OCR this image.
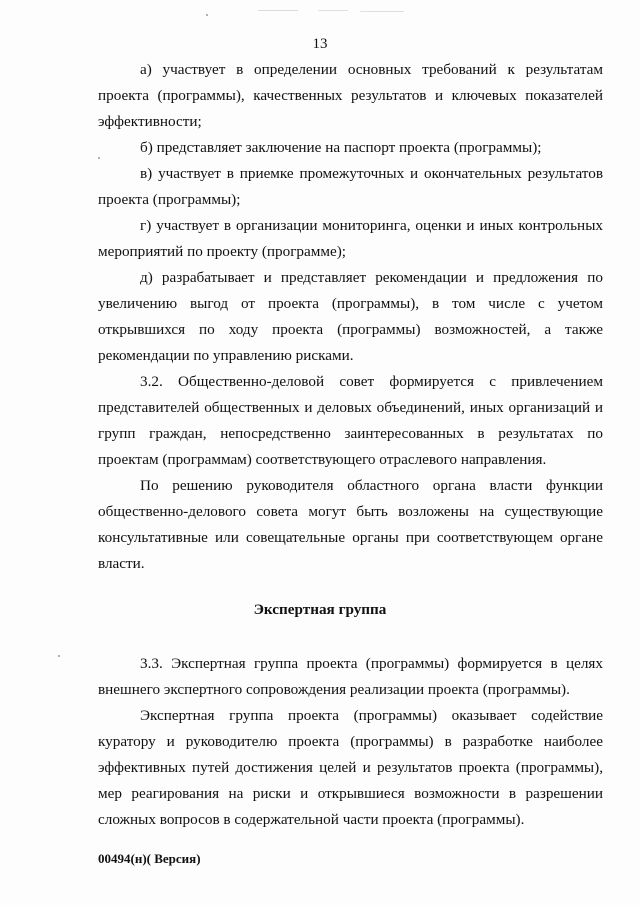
13

а) участвует в определении основных требований к результатам проекта (программы), качественных результатов и ключевых показателей эффективности;

б) представляет заключение на паспорт проекта (программы);

в) участвует в приемке промежуточных и окончательных результатов проекта (программы);

г) участвует в организации мониторинга, оценки и иных контрольных мероприятий по проекту (программе);

д) разрабатывает и представляет рекомендации и предложения по увеличению выгод от проекта (программы), в том числе с учетом открывшихся по ходу проекта (программы) возможностей, а также рекомендации по управлению рисками.

3.2. Общественно-деловой совет формируется с привлечением представителей общественных и деловых объединений, иных организаций и групп граждан, непосредственно заинтересованных в результатах по проектам (программам) соответствующего отраслевого направления.

По решению руководителя областного органа власти функции общественно-делового совета могут быть возложены на существующие консультативные или совещательные органы при соответствующем органе власти.

Экспертная группа

3.3. Экспертная группа проекта (программы) формируется в целях внешнего экспертного сопровождения реализации проекта (программы).

Экспертная группа проекта (программы) оказывает содействие куратору и руководителю проекта (программы) в разработке наиболее эффективных путей достижения целей и результатов проекта (программы), мер реагирования на риски и открывшиеся возможности в разрешении сложных вопросов в содержательной части проекта (программы).

00494(н)( Версия)
